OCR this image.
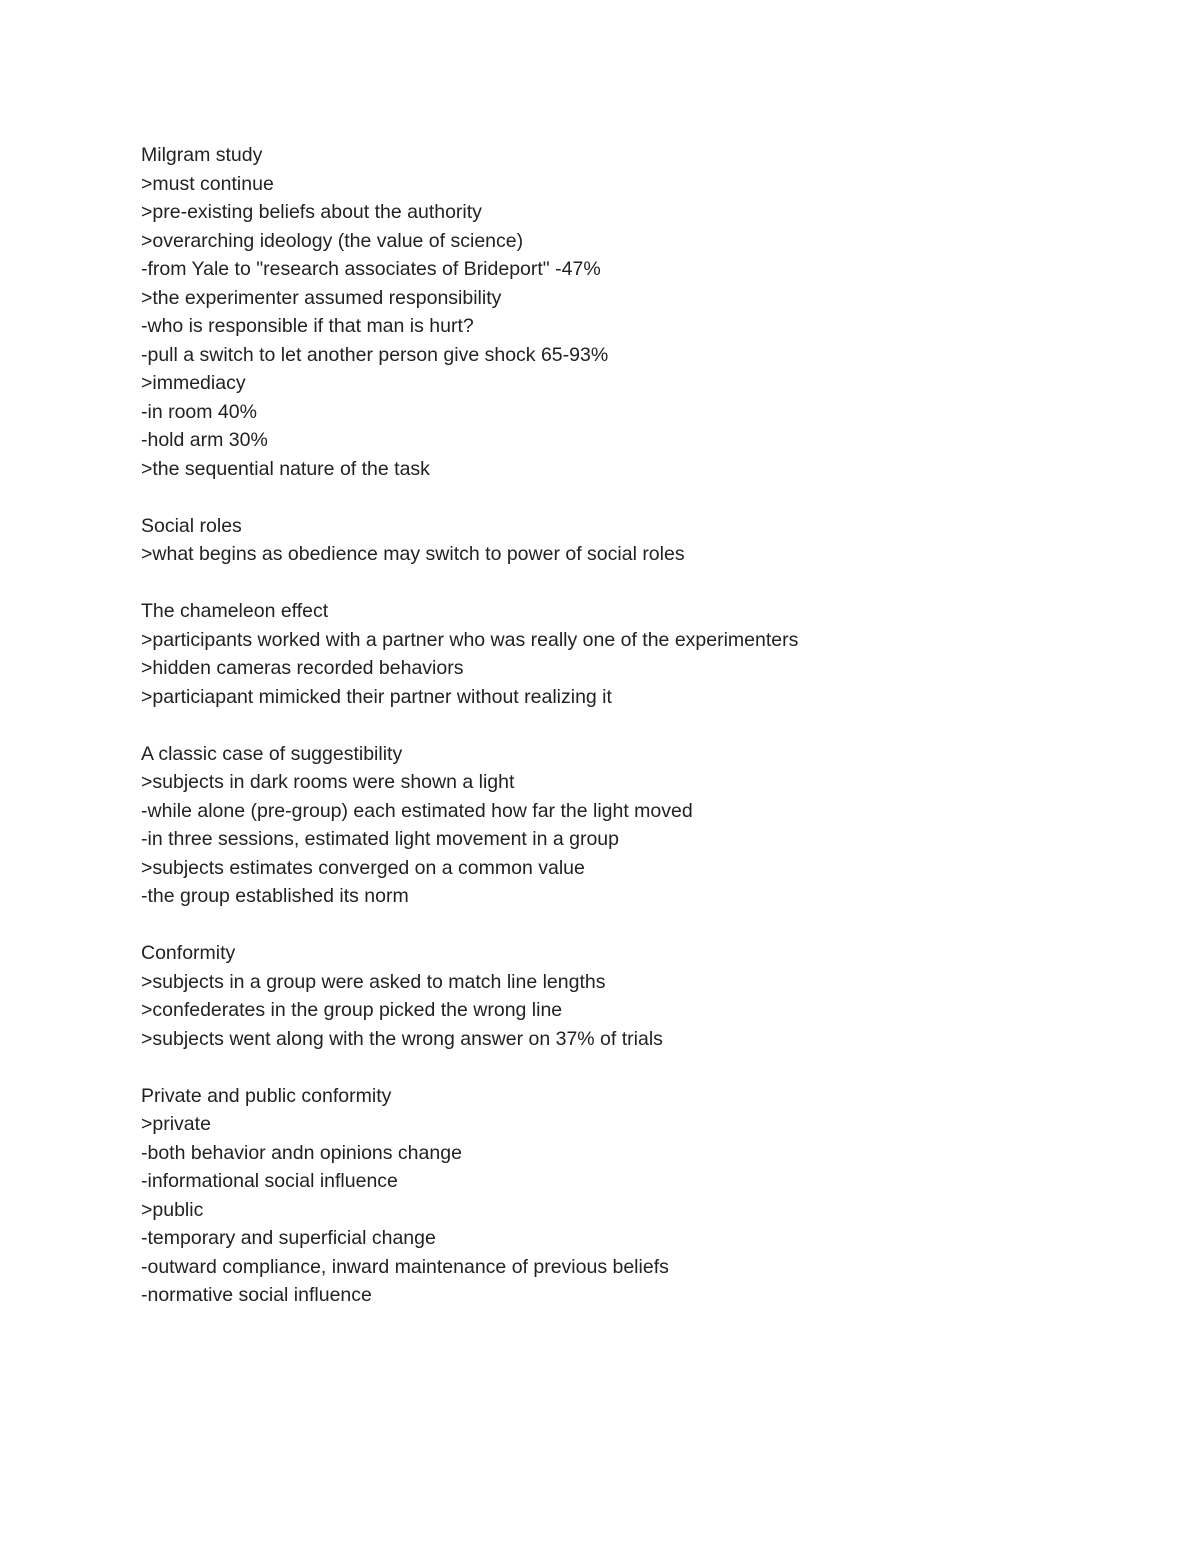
Milgram study
>must continue
>pre-existing beliefs about the authority
>overarching ideology (the value of science)
-from Yale to "research associates of Brideport" -47%
>the experimenter assumed responsibility
-who is responsible if that man is hurt?
-pull a switch to let another person give shock 65-93%
>immediacy
-in room 40%
-hold arm 30%
>the sequential nature of the task
Social roles
>what begins as obedience may switch to power of social roles
The chameleon effect
>participants worked with a partner who was really one of the experimenters
>hidden cameras recorded behaviors
>particiapant mimicked their partner without realizing it
A classic case of suggestibility
>subjects in dark rooms were shown a light
-while alone (pre-group) each estimated how far the light moved
-in three sessions, estimated light movement in a group
>subjects estimates converged on a common value
-the group established its norm
Conformity
>subjects in a group were asked to match line lengths
>confederates in the group picked the wrong line
>subjects went along with the wrong answer on 37% of trials
Private and public conformity
>private
-both behavior andn opinions change
-informational social influence
>public
-temporary and superficial change
-outward compliance, inward maintenance of previous beliefs
-normative social influence
